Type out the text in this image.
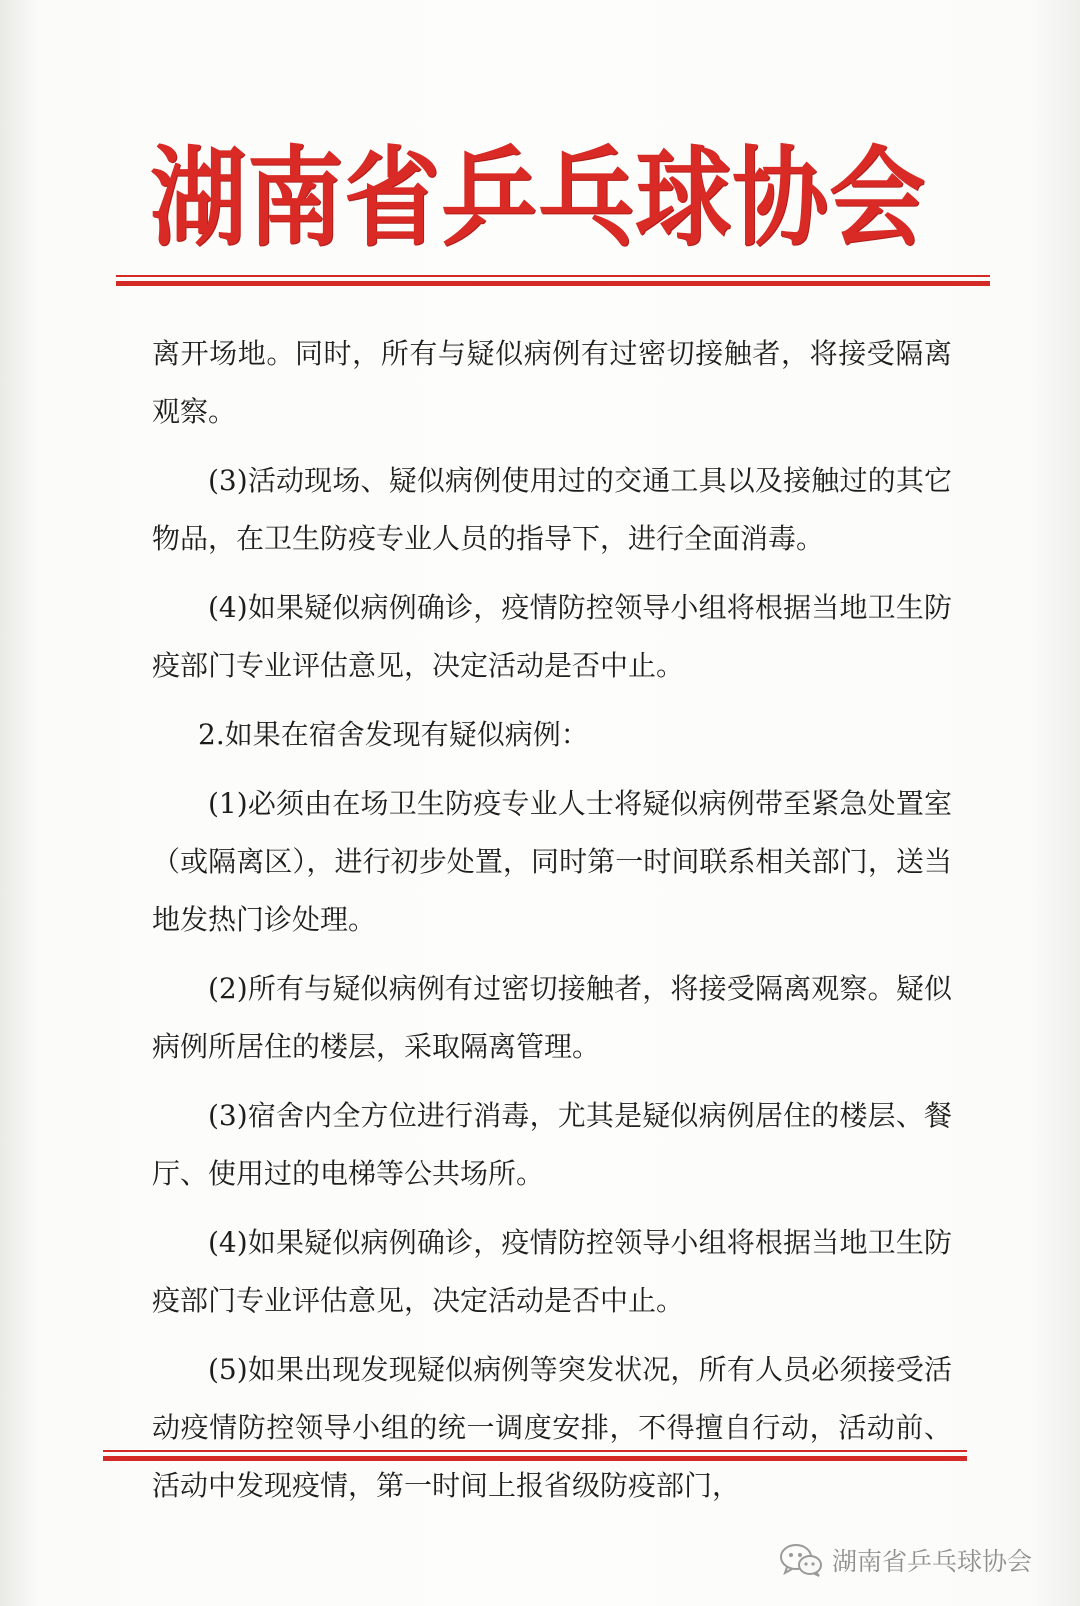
湖南省乒乓球协会

离开场地。同时，所有与疑似病例有过密切接触者，将接受隔离观察。

(3)活动现场、疑似病例使用过的交通工具以及接触过的其它物品，在卫生防疫专业人员的指导下，进行全面消毒。

(4)如果疑似病例确诊，疫情防控领导小组将根据当地卫生防疫部门专业评估意见，决定活动是否中止。

2.如果在宿舍发现有疑似病例：

(1)必须由在场卫生防疫专业人士将疑似病例带至紧急处置室（或隔离区），进行初步处置，同时第一时间联系相关部门，送当地发热门诊处理。

(2)所有与疑似病例有过密切接触者，将接受隔离观察。疑似病例所居住的楼层，采取隔离管理。

(3)宿舍内全方位进行消毒，尤其是疑似病例居住的楼层、餐厅、使用过的电梯等公共场所。

(4)如果疑似病例确诊，疫情防控领导小组将根据当地卫生防疫部门专业评估意见，决定活动是否中止。

(5)如果出现发现疑似病例等突发状况，所有人员必须接受活动疫情防控领导小组的统一调度安排，不得擅自行动，活动前、活动中发现疫情，第一时间上报省级防疫部门，

湖南省乒乓球协会
